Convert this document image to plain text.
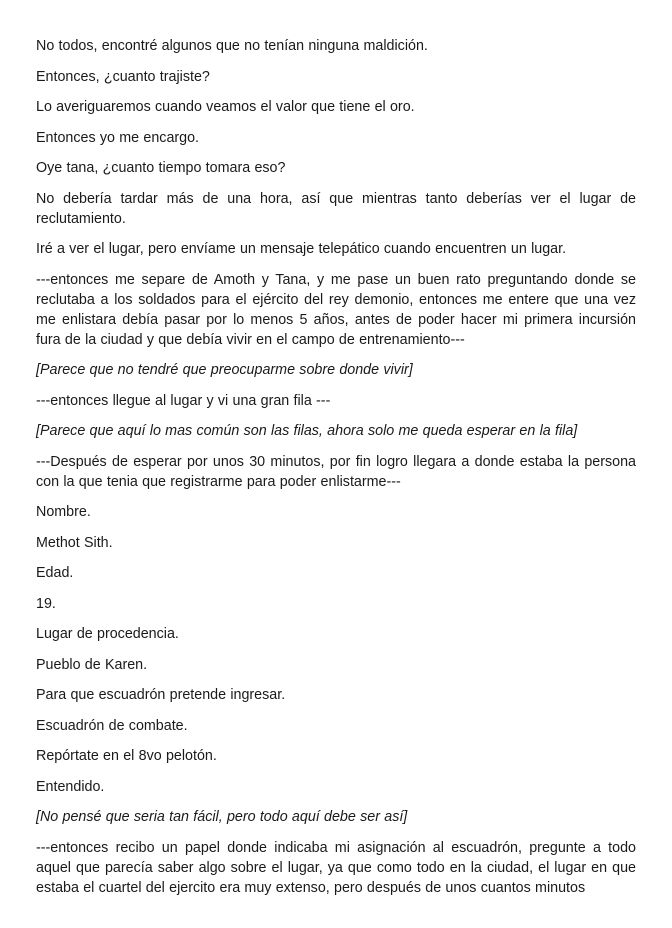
No todos, encontré algunos que no tenían ninguna maldición.

Entonces, ¿cuanto trajiste?

Lo averiguaremos cuando veamos el valor que tiene el oro.

Entonces yo me encargo.

Oye tana, ¿cuanto tiempo tomara eso?

No debería tardar más de una hora, así que mientras tanto deberías ver el lugar de reclutamiento.

Iré a ver el lugar, pero envíame un mensaje telepático cuando encuentren un lugar.

---entonces me separe de Amoth y Tana, y me pase un buen rato preguntando donde se reclutaba a los soldados para el ejército del rey demonio, entonces me entere que una vez me enlistara debía pasar por lo menos 5 años, antes de poder hacer mi primera incursión fura de la ciudad y que debía vivir en el campo de entrenamiento---

[Parece que no tendré que preocuparme sobre donde vivir]

---entonces llegue al lugar y vi una gran fila ---

[Parece que aquí lo mas común son las filas, ahora solo me queda esperar en la fila]

---Después de esperar por unos 30 minutos, por fin logro llegara a donde estaba la persona con la que tenia que registrarme para poder enlistarme---

Nombre.

Methot Sith.

Edad.

19.

Lugar de procedencia.

Pueblo de Karen.

Para que escuadrón pretende ingresar.

Escuadrón de combate.

Repórtate en el 8vo pelotón.

Entendido.

[No pensé que seria tan fácil, pero todo aquí debe ser así]

---entonces recibo un papel donde indicaba mi asignación al escuadrón, pregunte a todo aquel que parecía saber algo sobre el lugar, ya que como todo en la ciudad, el lugar en que estaba el cuartel del ejercito era muy extenso, pero después de unos cuantos minutos
